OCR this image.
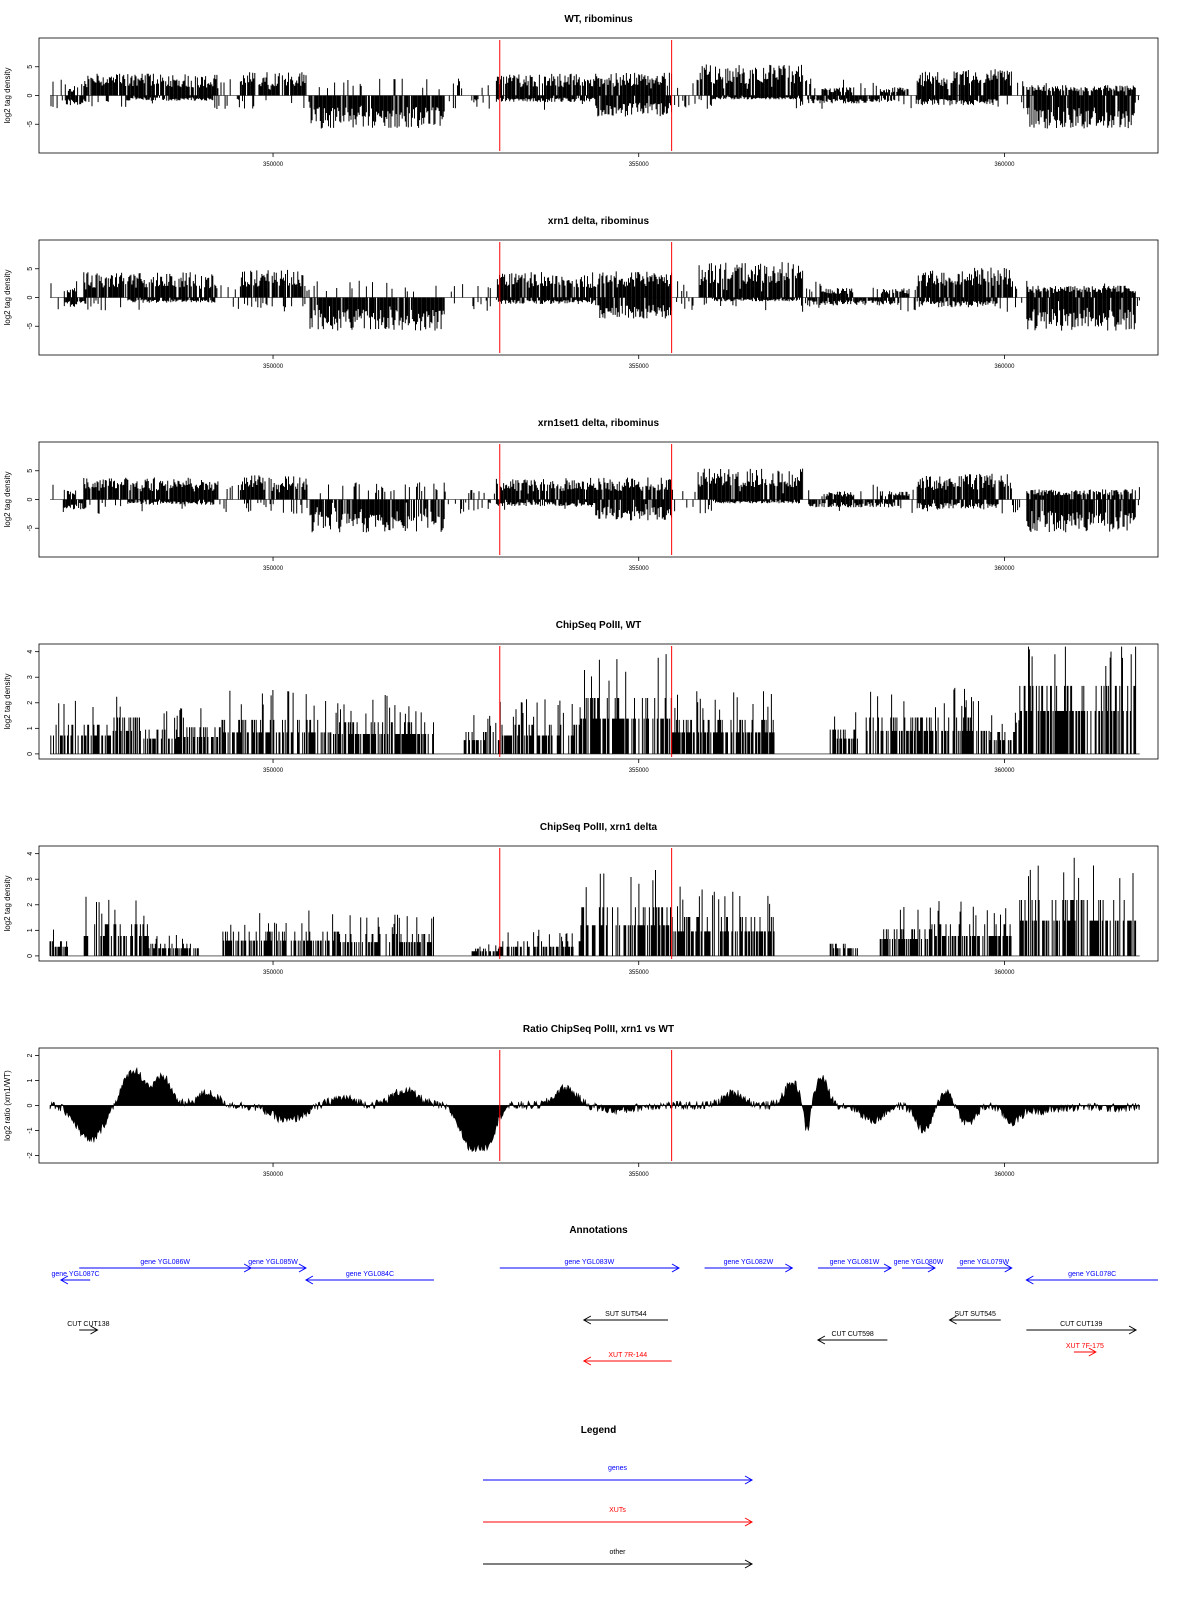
WT, ribominus
log2 tag density
-5
0
5
350000	355000	360000
xrn1 delta, ribominus
log2 tag density
-5
0
5
350000	355000	360000
xrn1set1 delta, ribominus
log2 tag density
-5
0
5
350000	355000	360000
ChipSeq PolII, WT
log2 tag density
0
1
2
3
4
350000	355000	360000
ChipSeq PolII, xrn1 delta
log2 tag density
0
1
2
3
4
350000	355000	360000
Ratio ChipSeq PolII, xrn1 vs WT
log2 ratio (xrn1/WT)
-2
-1
0
1
2
350000	355000	360000
Annotations
gene YGL087C
gene YGL086W	gene YGL085W
gene YGL084C
gene YGL083W	gene YGL082W	gene YGL081W gene YGL080W gene YGL079W
gene YGL078C
CUT CUT138
SUT SUT544
CUT CUT598
SUT SUT545
CUT CUT139
XUT 7R-144
XUT 7F-175
Legend
genes
XUTs
other
